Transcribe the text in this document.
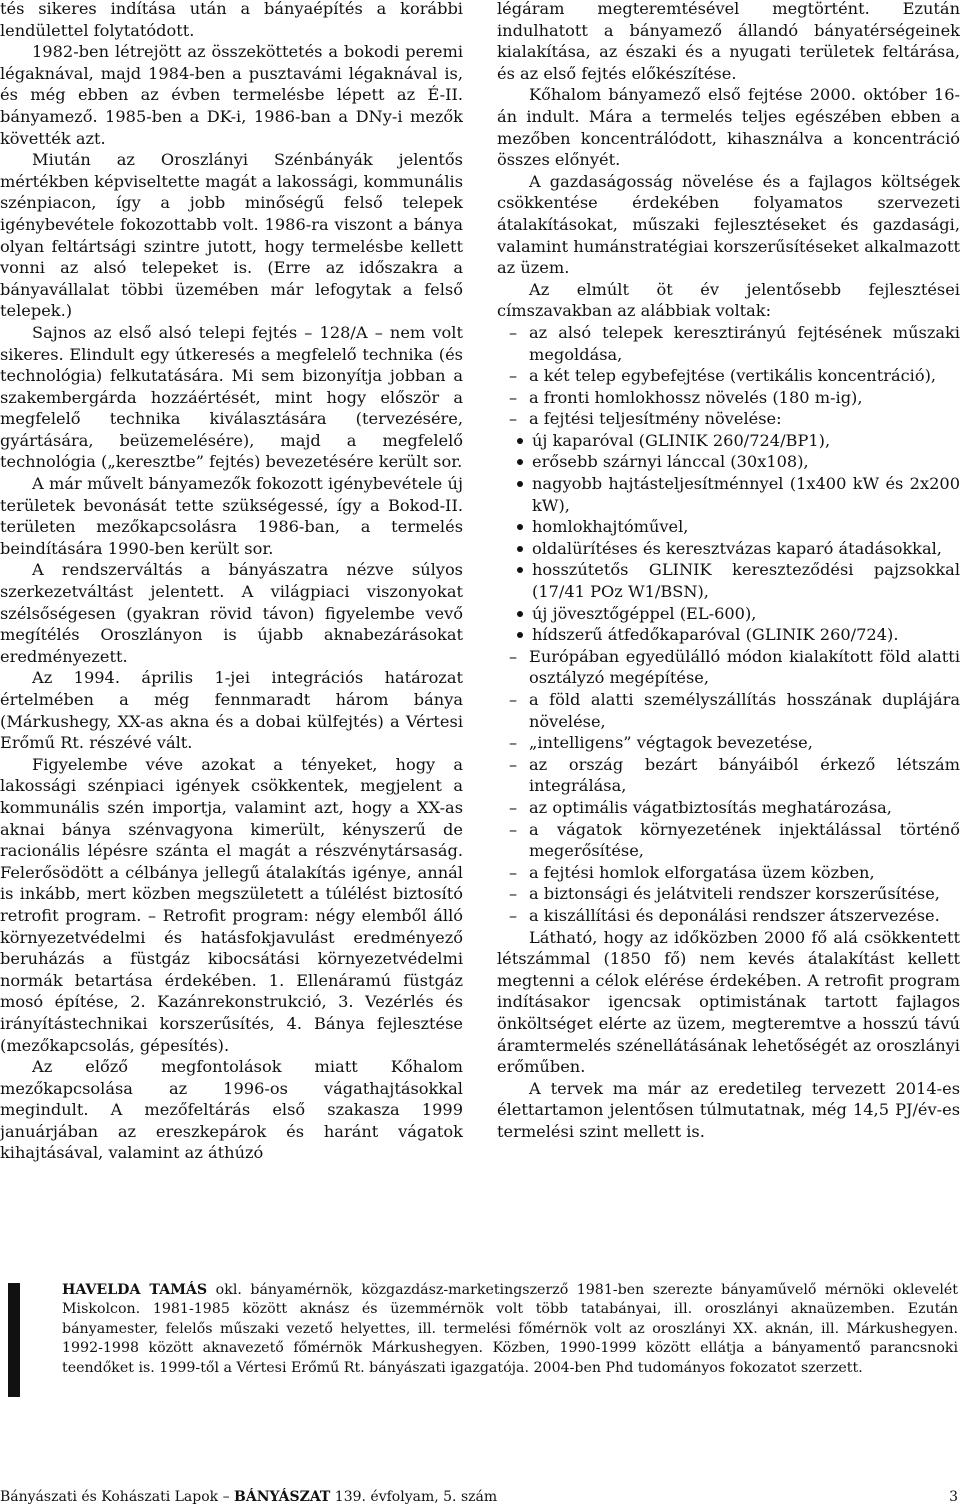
tés sikeres indítása után a bányaépítés a korábbi lendülettel folytatódott.

1982-ben létrejött az összeköttetés a bokodi peremi légaknával, majd 1984-ben a pusztavámi légaknával is, és még ebben az évben termelésbe lépett az É-II. bányamező. 1985-ben a DK-i, 1986-ban a DNy-i mezők követték azt.

Miután az Oroszlányi Szénbányák jelentős mértékben képviseltette magát a lakossági, kommunális szénpiacon, így a jobb minőségű felső telepek igénybevétele fokozottabb volt. 1986-ra viszont a bánya olyan feltártsági szintre jutott, hogy termelésbe kellett vonni az alsó telepeket is. (Erre az időszakra a bányavállalat többi üzemében már lefogytak a felső telepek.)

Sajnos az első alsó telepi fejtés – 128/A – nem volt sikeres. Elindult egy útkeresés a megfelelő technika (és technológia) felkutatására. Mi sem bizonyítja jobban a szakembergárda hozzáértését, mint hogy először a megfelelő technika kiválasztására (tervezésére, gyártására, beüzemelésére), majd a megfelelő technológia („keresztbe” fejtés) bevezetésére került sor.

A már művelt bányamezők fokozott igénybevétele új területek bevonását tette szükségessé, így a Bokod-II. területen mezőkapcsolásra 1986-ban, a termelés beindítására 1990-ben került sor.

A rendszerváltás a bányászatra nézve súlyos szerkezetváltást jelentett. A világpiaci viszonyokat szélsőségesen (gyakran rövid távon) figyelembe vevő megítélés Oroszlányon is újabb aknabezárásokat eredményezett.

Az 1994. április 1-jei integrációs határozat értelmében a még fennmaradt három bánya (Márkushegy, XX-as akna és a dobai külfejtés) a Vértesi Erőmű Rt. részévé vált.

Figyelembe véve azokat a tényeket, hogy a lakossági szénpiaci igények csökkentek, megjelent a kommunális szén importja, valamint azt, hogy a XX-as aknai bánya szénvagyona kimerült, kényszerű de racionális lépésre szánta el magát a részvénytársaság. Felerősödött a célbánya jellegű átalakítás igénye, annál is inkább, mert közben megszületett a túlélést biztosító retrofit program. – Retrofit program: négy elemből álló környezetvédelmi és hatásfokjavulást eredményező beruházás a füstgáz kibocsátási környezetvédelmi normák betartása érdekében. 1. Ellenáramú füstgáz mosó építése, 2. Kazánrekonstrukció, 3. Vezérlés és irányítástechnikai korszerűsítés, 4. Bánya fejlesztése (mezőkapcsolás, gépesítés).

Az előző megfontolások miatt Kőhalom mezőkapcsolása az 1996-os vágathajtásokkal megindult. A mezőfeltárás első szakasza 1999 januárjában az ereszkepárok és haránt vágatok kihajtásával, valamint az áthúzó

légáram megteremtésével megtörtént. Ezután indulhatott a bányamező állandó bányatérségeinek kialakítása, az északi és a nyugati területek feltárása, és az első fejtés előkészítése.

Kőhalom bányamező első fejtése 2000. október 16-án indult. Mára a termelés teljes egészében ebben a mezőben koncentrálódott, kihasználva a koncentráció összes előnyét.

A gazdaságosság növelése és a fajlagos költségek csökkentése érdekében folyamatos szervezeti átalakításokat, műszaki fejlesztéseket és gazdasági, valamint humánstratégiai korszerűsítéseket alkalmazott az üzem.

Az elmúlt öt év jelentősebb fejlesztései címszavakban az alábbiak voltak:

– az alsó telepek keresztirányú fejtésének műszaki megoldása,
– a két telep egybefejtése (vertikális koncentráció),
– a fronti homlokhossz növelés (180 m-ig),
– a fejtési teljesítmény növelése:
új kaparóval (GLINIK 260/724/BP1),
erősebb szárnyi lánccal (30x108),
nagyobb hajtásteljesítménnyel (1x400 kW és 2x200 kW),
homlokhajtóművel,
oldalürítéses és keresztvázas kaparó átadásokkal,
hosszútetős GLINIK kereszteződési pajzsokkal (17/41 POz W1/BSN),
új jövesztőgéppel (EL-600),
hídszerű átfedőkaparóval (GLINIK 260/724).
– Európában egyedülálló módon kialakított föld alatti osztályzó megépítése,
– a föld alatti személyszállítás hosszának duplájára növelése,
– „intelligens” végtagok bevezetése,
– az ország bezárt bányáiból érkező létszám integrálása,
– az optimális vágatbiztosítás meghatározása,
– a vágatok környezetének injektálással történő megerősítése,
– a fejtési homlok elforgatása üzem közben,
– a biztonsági és jelátviteli rendszer korszerűsítése,
– a kiszállítási és deponálási rendszer átszervezése.

Látható, hogy az időközben 2000 fő alá csökkentett létszámmal (1850 fő) nem kevés átalakítást kellett megtenni a célok elérése érdekében. A retrofit program indításakor igencsak optimistának tartott fajlagos önköltséget elérte az üzem, megteremtve a hosszú távú áramtermelés szénellátásának lehetőségét az oroszlányi erőműben.

A tervek ma már az eredetileg tervezett 2014-es élettartamon jelentősen túlmutatnak, még 14,5 PJ/év-es termelési szint mellett is.

HAVELDA TAMÁS okl. bányamérnök, közgazdász-marketingszerző 1981-ben szerezte bányaművelő mérnöki oklevelét Miskolcon. 1981-1985 között aknász és üzemmérnök volt több tatabányai, ill. oroszlányi aknaüzemben. Ezután bányamester, felelős műszaki vezető helyettes, ill. termelési főmérnök volt az oroszlányi XX. aknán, ill. Márkushegyen. 1992-1998 között aknavezető főmérnök Márkushegyen. Közben, 1990-1999 között ellátja a bányamentő parancsnoki teendőket is. 1999-től a Vértesi Erőmű Rt. bányászati igazgatója. 2004-ben Phd tudományos fokozatot szerzett.

Bányászati és Kohászati Lapok – BÁNYÁSZAT 139. évfolyam, 5. szám	3
